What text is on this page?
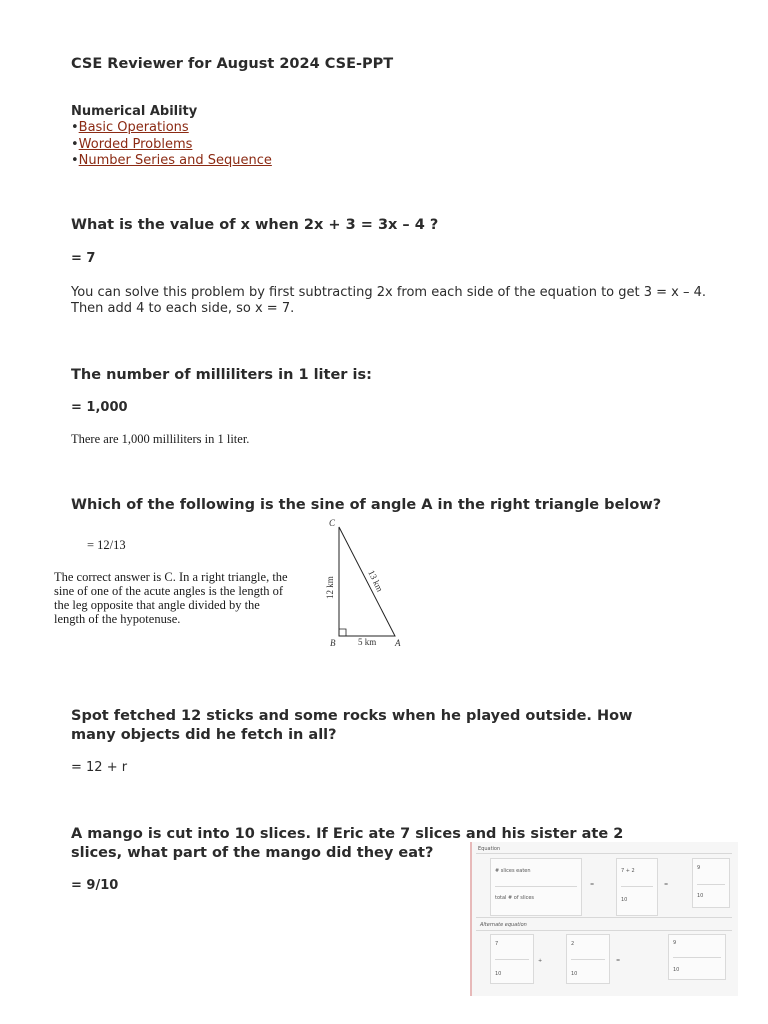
CSE Reviewer for August 2024 CSE-PPT
Numerical Ability
•Basic Operations
•Worded Problems
•Number Series and Sequence
What is the value of x when 2x + 3 = 3x – 4 ?
= 7
You can solve this problem by first subtracting 2x from each side of the equation to get 3 = x – 4. Then add 4 to each side, so x = 7.
The number of milliliters in 1 liter is:
= 1,000
There are 1,000 milliliters in 1 liter.
Which of the following is the sine of angle A in the right triangle below?
= 12/13
The correct answer is C. In a right triangle, the sine of one of the acute angles is the length of the leg opposite that angle divided by the length of the hypotenuse.
C
B	A
5 km
12 km	13 km
Spot fetched 12 sticks and some rocks when he played outside. How many objects did he fetch in all?
= 12 + r
A mango is cut into 10 slices. If Eric ate 7 slices and his sister ate 2 slices, what part of the mango did they eat?
= 9/10
Equation
# slices eaten
total # of slices
=
7 + 2
10
=
9
10
Alternate equation
7
10
+
2
10
=
9
10
